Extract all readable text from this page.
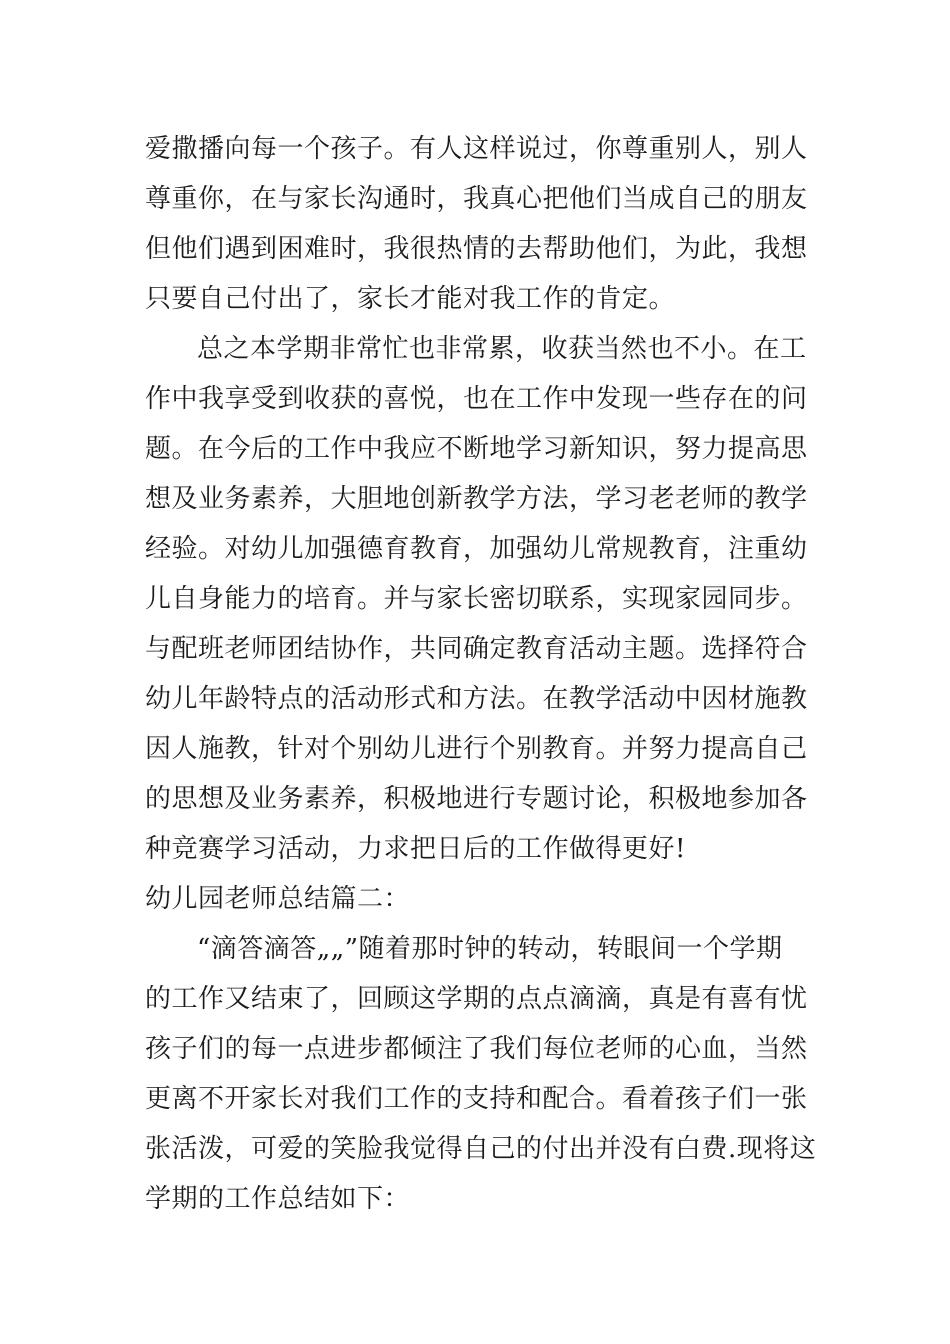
爱撒播向每一个孩子。有人这样说过，你尊重别人，别人
尊重你，在与家长沟通时，我真心把他们当成自己的朋友
但他们遇到困难时，我很热情的去帮助他们，为此，我想
只要自己付出了，家长才能对我工作的肯定。
总之本学期非常忙也非常累，收获当然也不小。在工
作中我享受到收获的喜悦，也在工作中发现一些存在的问
题。在今后的工作中我应不断地学习新知识，努力提高思
想及业务素养，大胆地创新教学方法，学习老老师的教学
经验。对幼儿加强德育教育，加强幼儿常规教育，注重幼
儿自身能力的培育。并与家长密切联系，实现家园同步。
与配班老师团结协作，共同确定教育活动主题。选择符合
幼儿年龄特点的活动形式和方法。在教学活动中因材施教
因人施教，针对个别幼儿进行个别教育。并努力提高自己
的思想及业务素养，积极地进行专题讨论，积极地参加各
种竞赛学习活动，力求把日后的工作做得更好!
幼儿园老师总结篇二：
“滴答滴答„„”随着那时钟的转动，转眼间一个学期
的工作又结束了，回顾这学期的点点滴滴，真是有喜有忧
孩子们的每一点进步都倾注了我们每位老师的心血，当然
更离不开家长对我们工作的支持和配合。看着孩子们一张
张活泼，可爱的笑脸我觉得自己的付出并没有白费.现将这
学期的工作总结如下：
